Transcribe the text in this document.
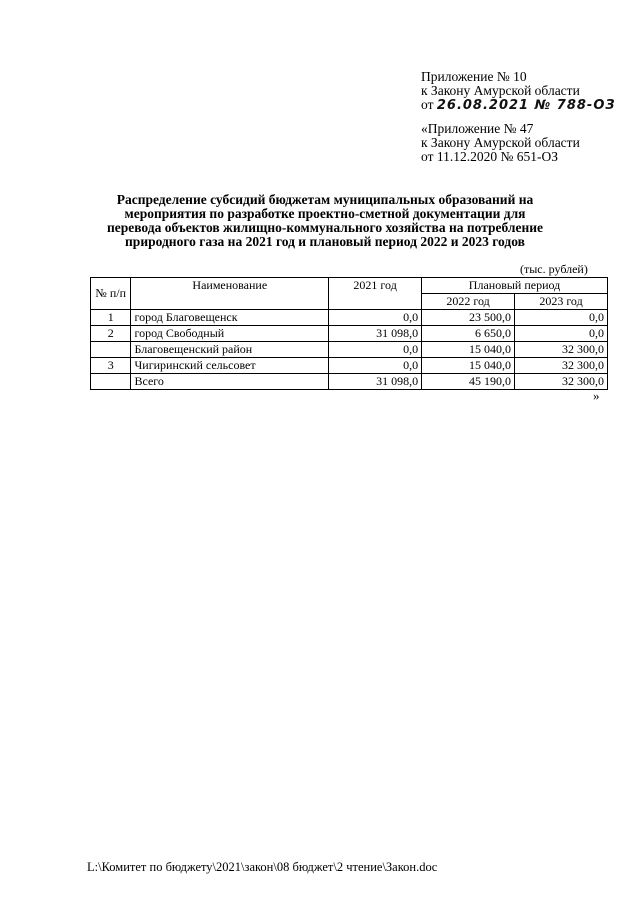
Приложение № 10
к Закону Амурской области
от 26.08.2021 № 788-ОЗ
«Приложение № 47
к Закону Амурской области
от 11.12.2020 № 651-ОЗ
Распределение субсидий бюджетам муниципальных образований на
мероприятия по разработке проектно-сметной документации для
перевода объектов жилищно-коммунального хозяйства на потребление
природного газа на 2021 год и плановый период 2022 и 2023 годов
(тыс. рублей)
№ п/п	Наименование	2021 год	Плановый период	
			2022 год	2023 год
1	город Благовещенск	0,0	23 500,0	0,0
2	город Свободный	31 098,0	6 650,0	0,0
	Благовещенский район	0,0	15 040,0	32 300,0
3	Чигиринский сельсовет	0,0	15 040,0	32 300,0
	Всего	31 098,0	45 190,0	32 300,0
»
L:\Комитет по бюджету\2021\закон\08 бюджет\2 чтение\Закон.doc
